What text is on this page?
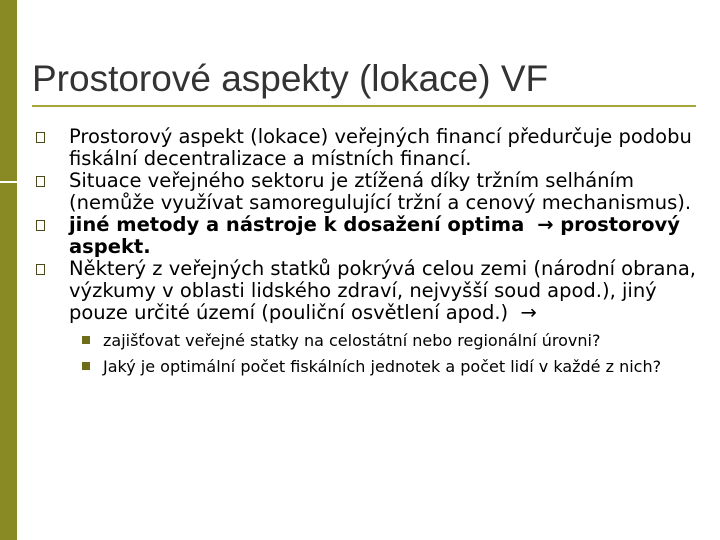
Prostorové aspekty (lokace) VF
Prostorový aspekt (lokace) veřejných financí předurčuje podobu fiskální decentralizace a místních financí.
Situace veřejného sektoru je ztížená díky tržním selháním (nemůže využívat samoregulující tržní a cenový mechanismus).
jiné metody a nástroje k dosažení optima → prostorový aspekt.
Některý z veřejných statků pokrývá celou zemi (národní obrana, výzkumy v oblasti lidského zdraví, nejvyšší soud apod.), jiný pouze určité území (pouliční osvětlení apod.) →
zajišťovat veřejné statky na celostátní nebo regionální úrovni?
Jaký je optimální počet fiskálních jednotek a počet lidí v každé z nich?
